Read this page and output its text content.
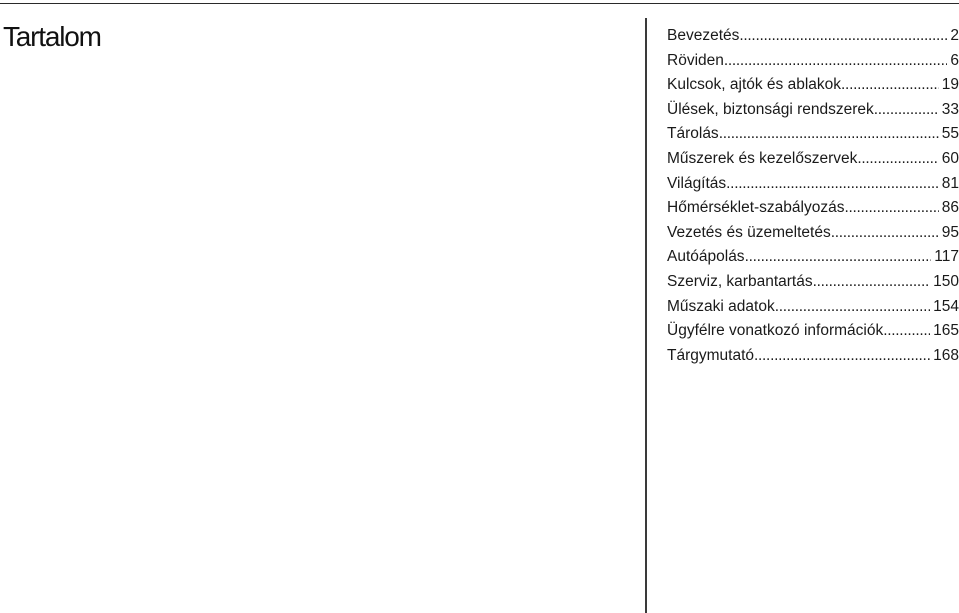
Tartalom	Bevezetés . . .	2
Röviden . . .	6
Kulcsok, ajtók és ablakok . . .	19
Ülések, biztonsági rendszerek . . .	33
Tárolás . . .	55
Műszerek és kezelőszervek . . .	60
Világítás . . .	81
Hőmérséklet-szabályozás . . .	86
Vezetés és üzemeltetés . . .	95
Autóápolás . . .	117
Szerviz, karbantartás . . .	150
Műszaki adatok . . .	154
Ügyfélre vonatkozó információk . . .	165
Tárgymutató . . .	168
